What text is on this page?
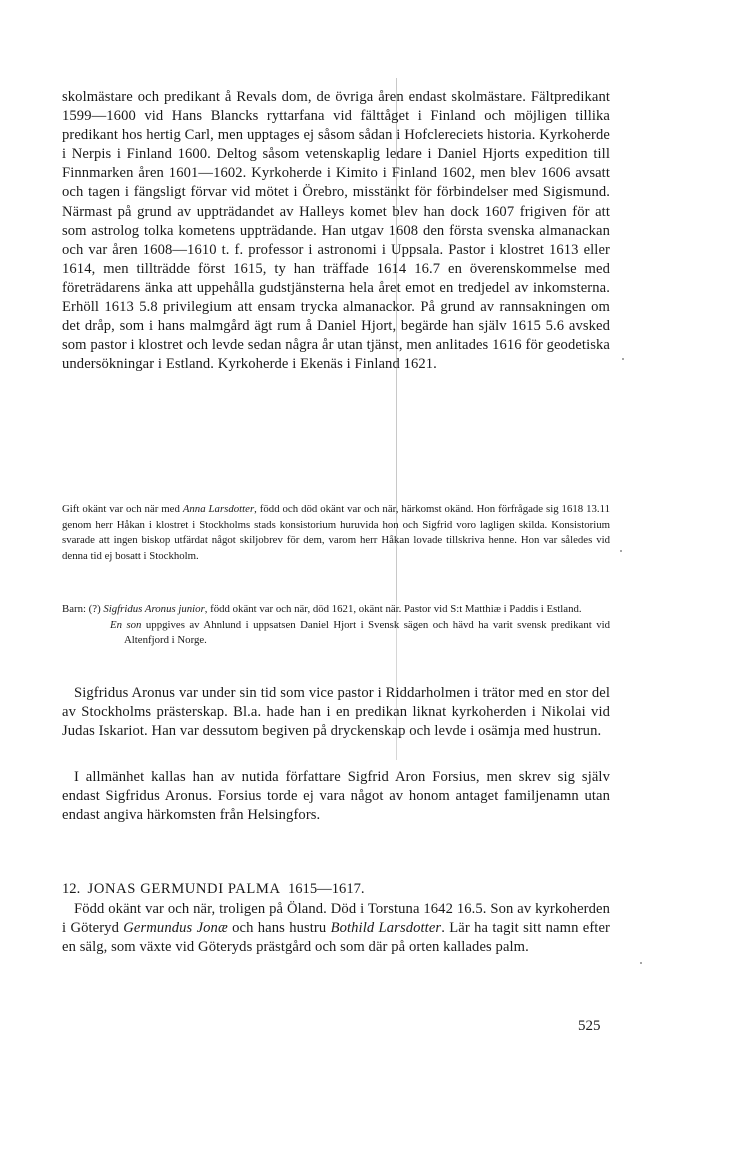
skolmästare och predikant å Revals dom, de övriga åren endast skolmästare. Fältpredikant 1599—1600 vid Hans Blancks ryttarfana vid fälttåget i Finland och möjligen tillika predikant hos hertig Carl, men upptages ej såsom sådan i Hofclereciets historia. Kyrkoherde i Nerpis i Finland 1600. Deltog såsom vetenskaplig ledare i Daniel Hjorts expedition till Finnmarken åren 1601—1602. Kyrkoherde i Kimito i Finland 1602, men blev 1606 avsatt och tagen i fängsligt förvar vid mötet i Örebro, misstänkt för förbindelser med Sigismund. Närmast på grund av uppträdandet av Halleys komet blev han dock 1607 frigiven för att som astrolog tolka kometens uppträdande. Han utgav 1608 den första svenska almanackan och var åren 1608—1610 t. f. professor i astronomi i Uppsala. Pastor i klostret 1613 eller 1614, men tillträdde först 1615, ty han träffade 1614 16.7 en överenskommelse med företrädarens änka att uppehålla gudstjänsterna hela året emot en tredjedel av inkomsterna. Erhöll 1613 5.8 privilegium att ensam trycka almanackor. På grund av rannsakningen om det dråp, som i hans malmgård ägt rum å Daniel Hjort, begärde han själv 1615 5.6 avsked som pastor i klostret och levde sedan några år utan tjänst, men anlitades 1616 för geodetiska undersökningar i Estland. Kyrkoherde i Ekenäs i Finland 1621.

Gift okänt var och när med Anna Larsdotter, född och död okänt var och när, härkomst okänd. Hon förfrågade sig 1618 13.11 genom herr Håkan i klostret i Stockholms stads konsistorium huruvida hon och Sigfrid voro lagligen skilda. Konsistorium svarade att ingen biskop utfärdat något skiljobrev för dem, varom herr Håkan lovade tillskriva henne. Hon var således vid denna tid ej bosatt i Stockholm.

Barn: (?) Sigfridus Aronus junior, född okänt var och när, död 1621, okänt när. Pastor vid S:t Matthiæ i Paddis i Estland.

En son uppgives av Ahnlund i uppsatsen Daniel Hjort i Svensk sägen och hävd ha varit svensk predikant vid Altenfjord i Norge.

Sigfridus Aronus var under sin tid som vice pastor i Riddarholmen i trätor med en stor del av Stockholms prästerskap. Bl.a. hade han i en predikan liknat kyrkoherden i Nikolai vid Judas Iskariot. Han var dessutom begiven på dryckenskap och levde i osämja med hustrun.

I allmänhet kallas han av nutida författare Sigfrid Aron Forsius, men skrev sig själv endast Sigfridus Aronus. Forsius torde ej vara något av honom antaget familjenamn utan endast angiva härkomsten från Helsingfors.

12. JONAS GERMUNDI PALMA 1615—1617.

Född okänt var och när, troligen på Öland. Död i Torstuna 1642 16.5. Son av kyrkoherden i Göteryd Germundus Jonæ och hans hustru Bothild Larsdotter. Lär ha tagit sitt namn efter en sälg, som växte vid Göteryds prästgård och som där på orten kallades palm.

525
